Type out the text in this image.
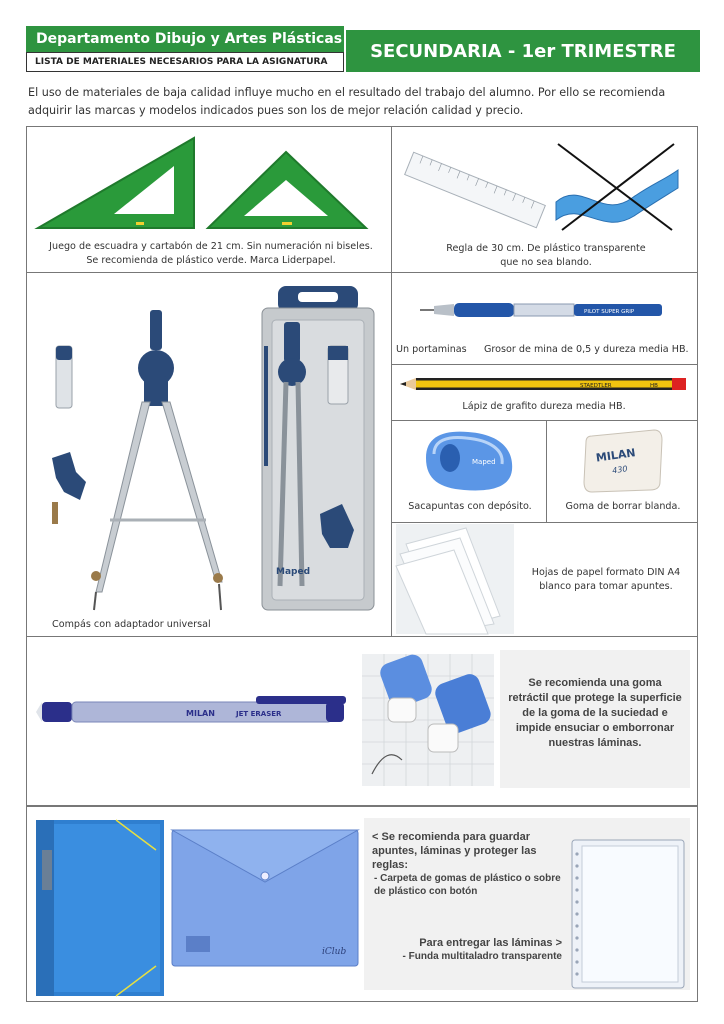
Departamento Dibujo y Artes Plásticas
LISTA DE MATERIALES NECESARIOS PARA LA ASIGNATURA
SECUNDARIA - 1er TRIMESTRE
El uso de materiales de baja calidad influye mucho en el resultado del trabajo del alumno. Por ello se recomienda adquirir las marcas y modelos indicados pues son los de mejor relación calidad y precio.
Juego de escuadra y cartabón de 21 cm. Sin numeración ni biseles.
Se recomienda de plástico verde. Marca Liderpapel.
Regla de 30 cm. De plástico transparente
que no sea blando.
Maped
Compás con adaptador universal
PILOT SUPER GRIP
Un portaminas Grosor de mina de 0,5 y dureza media HB.
STAEDTLER	HB
Lápiz de grafito dureza media HB.
Maped
Sacapuntas con depósito.
MILAN
430
Goma de borrar blanda.
Hojas de papel formato DIN A4
blanco para tomar apuntes.
MILAN	JET ERASER
Se recomienda una goma retráctil que protege la superficie de la goma de la suciedad e impide ensuciar o emborronar nuestras láminas.
iClub
< Se recomienda para guardar apuntes, láminas y proteger las reglas:
- Carpeta de gomas de plástico o sobre de plástico con botón
Para entregar las láminas >
- Funda multitaladro transparente
